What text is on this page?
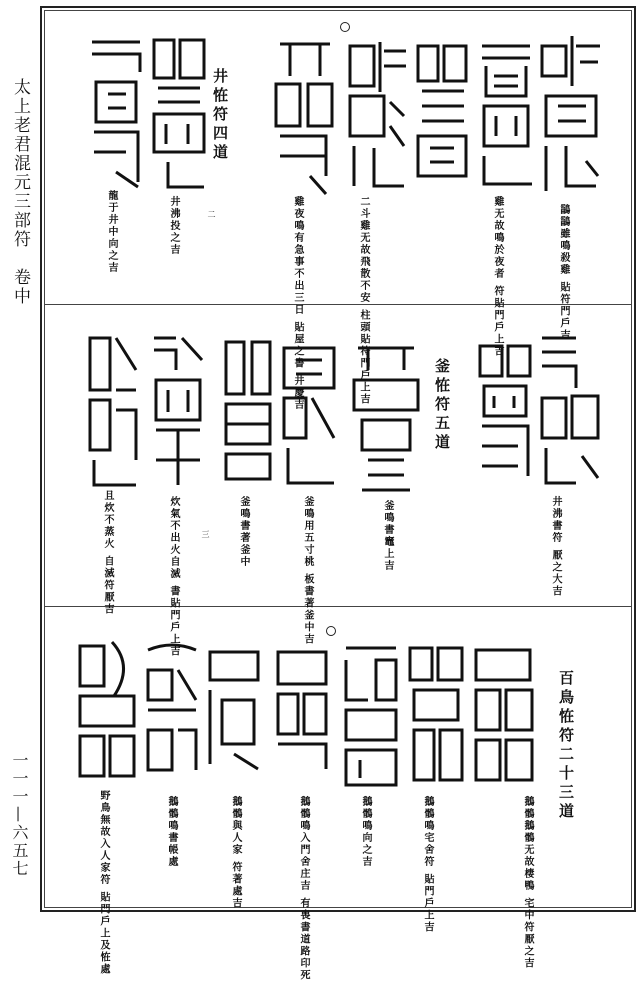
太上老君混元三部符　卷中
一一一—六五七
井恠符四道
鶅鶅雖鳴殺雞 貼符門戶吉
雞无故鳴於夜者 符貼門戶上吉
二斗雞无故飛散不安 柱頭貼符門戶上吉
雞夜鳴有急事不出三日 貼屋之書 井慶吉
井沸投之吉
龍于井中向之吉	二
釜恠符五道
井沸書符 厭之大吉
釜鳴書竈上吉
釜鳴用五寸桃 板書著釜中吉
釜鳴書著釜中
炊氣不出火自滅 書貼門戶上吉
且炊不蒸火 自滅符厭吉	三
百鳥恠符二十三道
鵝鶻鵝鶻无故棲鴨 宅中符厭之吉
鵝鶻鳴宅舍符 貼門戶上吉
鵝鶻鳴向之吉
鵝鶻鳴入門舍庄吉 有喪書道路印死
鵝鶻與人家 符著處吉
鵝鶻鳴書帳處
野鳥無故入人家符 貼門戶上及恠處
